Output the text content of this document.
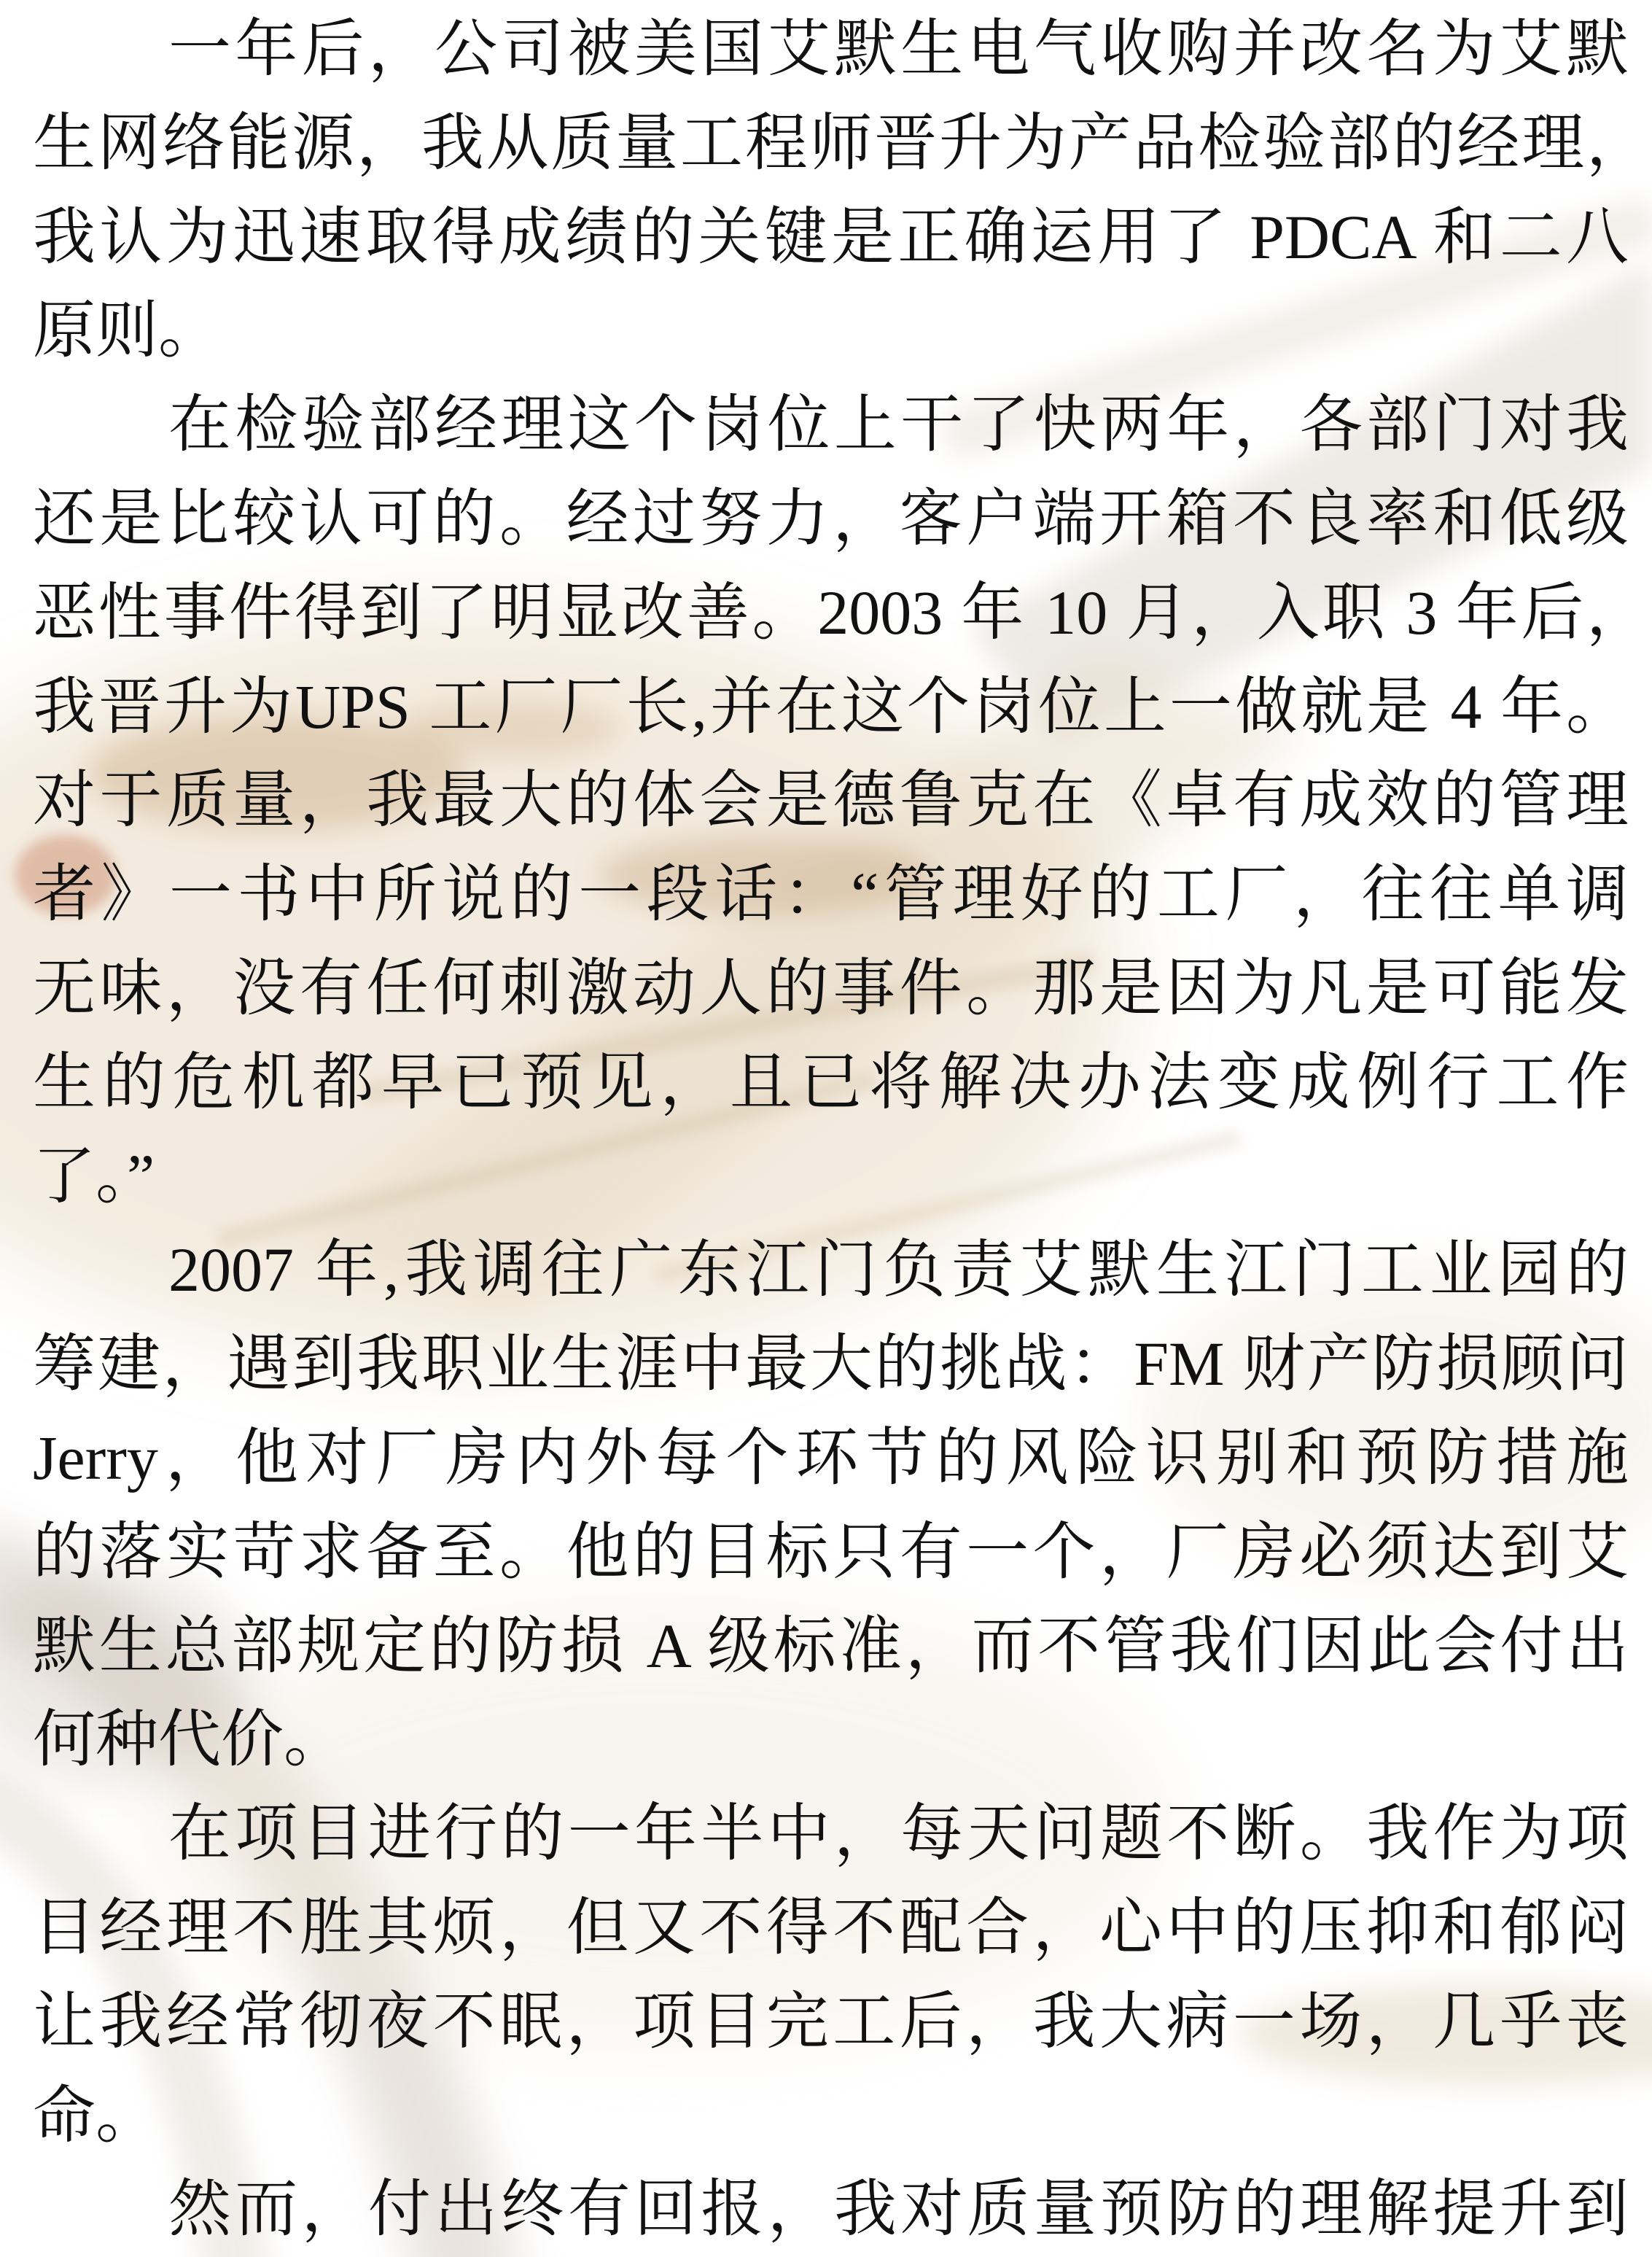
一年后，公司被美国艾默生电气收购并改名为艾默
生网络能源，我从质量工程师晋升为产品检验部的经理，
我认为迅速取得成绩的关键是正确运用了 PDCA 和二八
原则。
在检验部经理这个岗位上干了快两年，各部门对我
还是比较认可的。经过努力，客户端开箱不良率和低级
恶性事件得到了明显改善。2003 年 10 月，入职 3 年后，
我晋升为UPS 工厂厂长,并在这个岗位上一做就是 4 年。
对于质量，我最大的体会是德鲁克在《卓有成效的管理
者》一书中所说的一段话：“管理好的工厂，往往单调
无味，没有任何刺激动人的事件。那是因为凡是可能发
生的危机都早已预见，且已将解决办法变成例行工作
了。”
2007 年,我调往广东江门负责艾默生江门工业园的
筹建，遇到我职业生涯中最大的挑战：FM 财产防损顾问
Jerry，他对厂房内外每个环节的风险识别和预防措施
的落实苛求备至。他的目标只有一个，厂房必须达到艾
默生总部规定的防损 A 级标准，而不管我们因此会付出
何种代价。
在项目进行的一年半中，每天问题不断。我作为项
目经理不胜其烦，但又不得不配合，心中的压抑和郁闷
让我经常彻夜不眠，项目完工后，我大病一场，几乎丧
命。
然而，付出终有回报，我对质量预防的理解提升到
